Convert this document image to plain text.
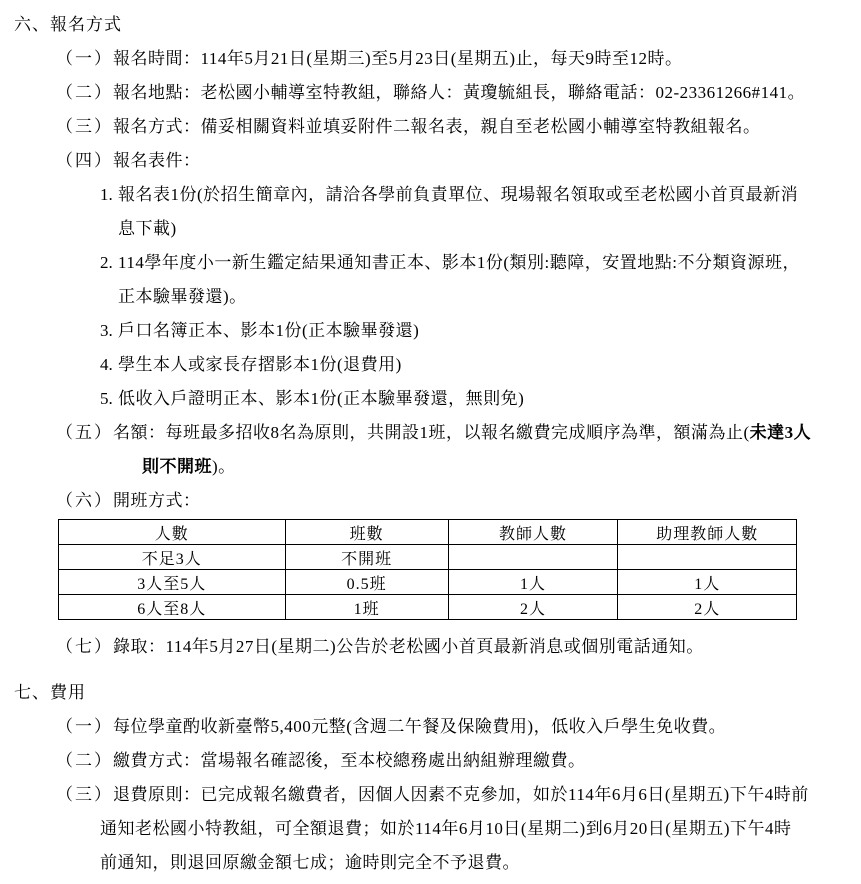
六、報名方式
（一）報名時間：114年5月21日(星期三)至5月23日(星期五)止，每天9時至12時。
（二）報名地點：老松國小輔導室特教組，聯絡人：黃瓊毓組長，聯絡電話：02-23361266#141。
（三）報名方式：備妥相關資料並填妥附件二報名表，親自至老松國小輔導室特教組報名。
（四）報名表件：
1. 報名表1份(於招生簡章內，請洽各學前負責單位、現場報名領取或至老松國小首頁最新消
息下載)
2. 114學年度小一新生鑑定結果通知書正本、影本1份(類別:聽障，安置地點:不分類資源班，
正本驗畢發還)。
3. 戶口名簿正本、影本1份(正本驗畢發還)
4. 學生本人或家長存摺影本1份(退費用)
5. 低收入戶證明正本、影本1份(正本驗畢發還，無則免)
（五）名額：每班最多招收8名為原則，共開設1班，以報名繳費完成順序為準，額滿為止(未達3人
則不開班)。
（六）開班方式：
人數	班數	教師人數	助理教師人數
不足3人	不開班		
3人至5人	0.5班	1人	1人
6人至8人	1班	2人	2人
（七）錄取：114年5月27日(星期二)公告於老松國小首頁最新消息或個別電話通知。
七、費用
（一）每位學童酌收新臺幣5,400元整(含週二午餐及保險費用)，低收入戶學生免收費。
（二）繳費方式：當場報名確認後，至本校總務處出納組辦理繳費。
（三）退費原則：已完成報名繳費者，因個人因素不克參加，如於114年6月6日(星期五)下午4時前
通知老松國小特教組，可全額退費；如於114年6月10日(星期二)到6月20日(星期五)下午4時
前通知，則退回原繳金額七成；逾時則完全不予退費。
